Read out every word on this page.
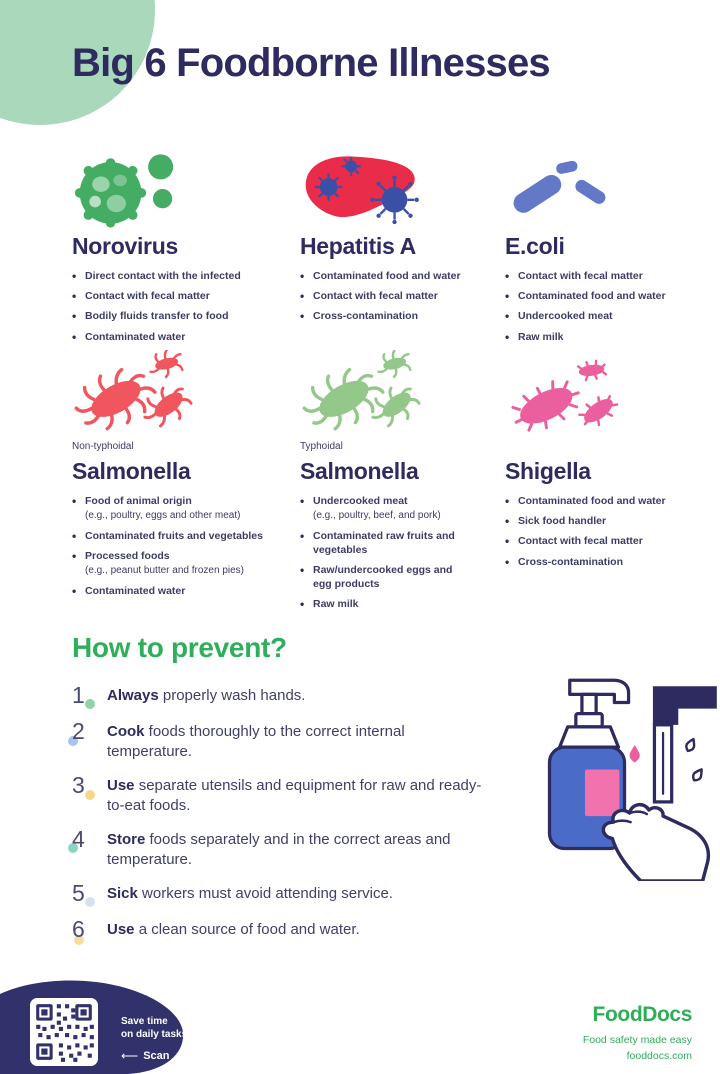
Big 6 Foodborne Illnesses
Norovirus
• Direct contact with the infected
• Contact with fecal matter
• Bodily fluids transfer to food
• Contaminated water
Hepatitis A
• Contaminated food and water
• Contact with fecal matter
• Cross-contamination
E.coli
• Contact with fecal matter
• Contaminated food and water
• Undercooked meat
• Raw milk
Non-typhoidal
Salmonella
• Food of animal origin
(e.g., poultry, eggs and other meat)
• Contaminated fruits and vegetables
• Processed foods
(e.g., peanut butter and frozen pies)
• Contaminated water
Typhoidal
Salmonella
• Undercooked meat
(e.g., poultry, beef, and pork)
• Contaminated raw fruits and vegetables
• Raw/undercooked eggs and egg products
• Raw milk
Shigella
• Contaminated food and water
• Sick food handler
• Contact with fecal matter
• Cross-contamination
How to prevent?
1	Always properly wash hands.

2	Cook foods thoroughly to the correct internal temperature.

3	Use separate utensils and equipment for raw and ready-to-eat foods.

4	Store foods separately and in the correct areas and temperature.

5	Sick workers must avoid attending service.

6	Use a clean source of food and water.

Save time
on daily tasks
⟵ Scan
FoodDocs
Food safety made easy
fooddocs.com
